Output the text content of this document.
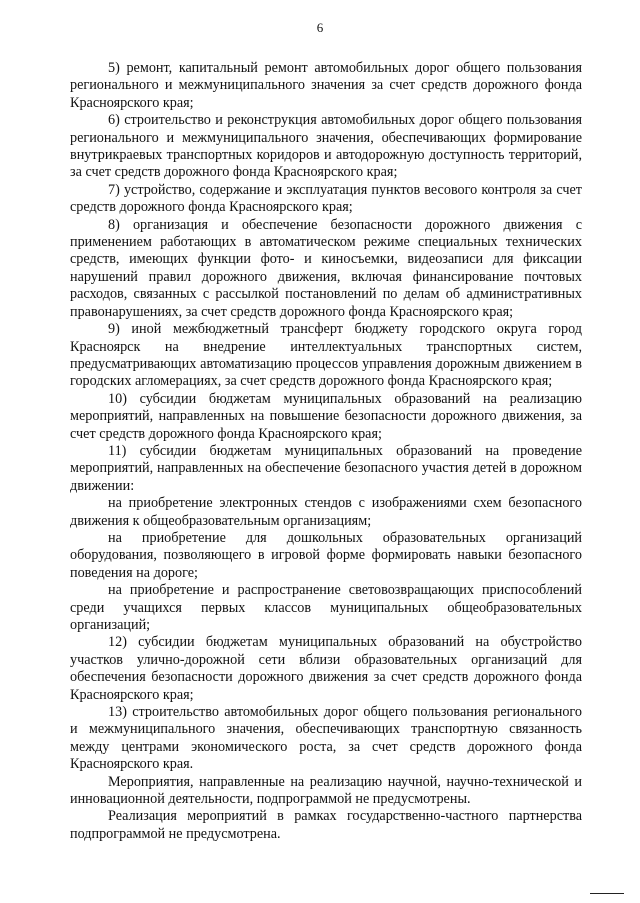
6

5) ремонт, капитальный ремонт автомобильных дорог общего пользования регионального и межмуниципального значения за счет средств дорожного фонда Красноярского края;

6) строительство и реконструкция автомобильных дорог общего пользования регионального и межмуниципального значения, обеспечивающих формирование внутрикраевых транспортных коридоров и автодорожную доступность территорий, за счет средств дорожного фонда Красноярского края;

7) устройство, содержание и эксплуатация пунктов весового контроля за счет средств дорожного фонда Красноярского края;

8) организация и обеспечение безопасности дорожного движения с применением работающих в автоматическом режиме специальных технических средств, имеющих функции фото- и киносъемки, видеозаписи для фиксации нарушений правил дорожного движения, включая финансирование почтовых расходов, связанных с рассылкой постановлений по делам об административных правонарушениях, за счет средств дорожного фонда Красноярского края;

9) иной межбюджетный трансферт бюджету городского округа город Красноярск на внедрение интеллектуальных транспортных систем, предусматривающих автоматизацию процессов управления дорожным движением в городских агломерациях, за счет средств дорожного фонда Красноярского края;

10) субсидии бюджетам муниципальных образований на реализацию мероприятий, направленных на повышение безопасности дорожного движения, за счет средств дорожного фонда Красноярского края;

11) субсидии бюджетам муниципальных образований на проведение мероприятий, направленных на обеспечение безопасного участия детей в дорожном движении:

на приобретение электронных стендов с изображениями схем безопасного движения к общеобразовательным организациям;

на приобретение для дошкольных образовательных организаций оборудования, позволяющего в игровой форме формировать навыки безопасного поведения на дороге;

на приобретение и распространение световозвращающих приспособлений среди учащихся первых классов муниципальных общеобразовательных организаций;

12) субсидии бюджетам муниципальных образований на обустройство участков улично-дорожной сети вблизи образовательных организаций для обеспечения безопасности дорожного движения за счет средств дорожного фонда Красноярского края;

13) строительство автомобильных дорог общего пользования регионального и межмуниципального значения, обеспечивающих транспортную связанность между центрами экономического роста, за счет средств дорожного фонда Красноярского края.

Мероприятия, направленные на реализацию научной, научно-технической и инновационной деятельности, подпрограммой не предусмотрены.

Реализация мероприятий в рамках государственно-частного партнерства подпрограммой не предусмотрена.
